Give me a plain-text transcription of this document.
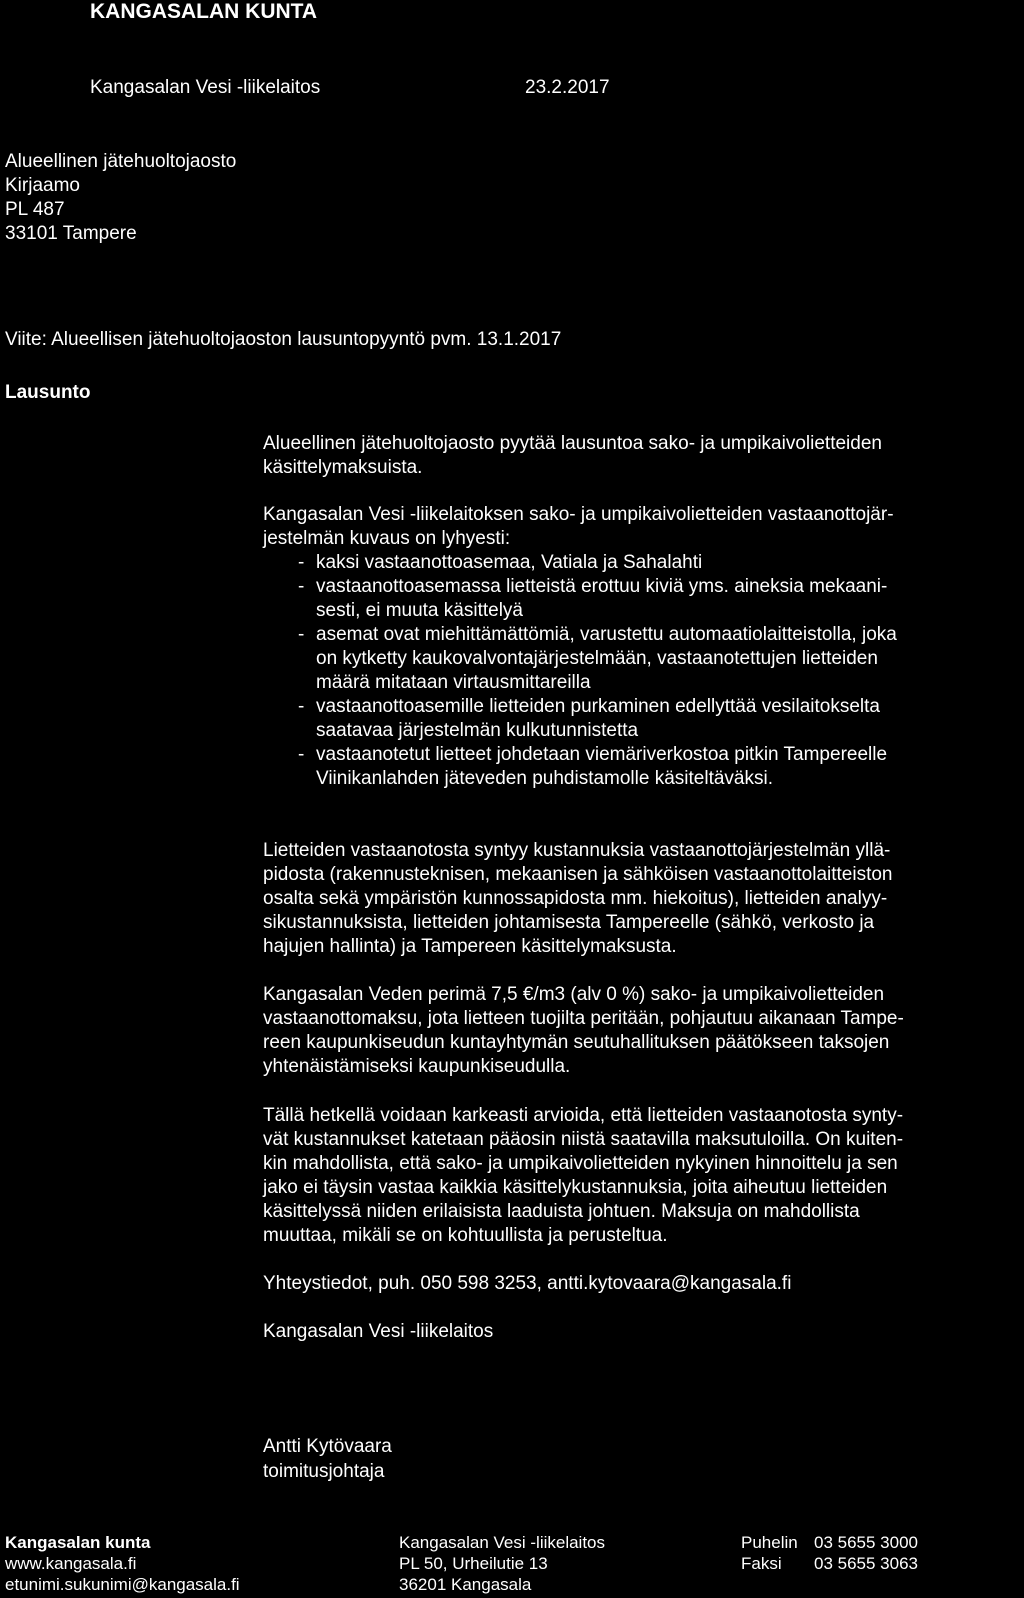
KANGASALAN KUNTA
Kangasalan Vesi -liikelaitos	23.2.2017
Alueellinen jätehuoltojaosto
Kirjaamo
PL 487
33101 Tampere
Viite: Alueellisen jätehuoltojaoston lausuntopyyntö pvm. 13.1.2017
Lausunto
Alueellinen jätehuoltojaosto pyytää lausuntoa sako- ja umpikaivolietteiden
käsittelymaksuista.
Kangasalan Vesi -liikelaitoksen sako- ja umpikaivolietteiden vastaanottojär-
jestelmän kuvaus on lyhyesti:
- kaksi vastaanottoasemaa, Vatiala ja Sahalahti
- vastaanottoasemassa lietteistä erottuu kiviä yms. aineksia mekaani-
sesti, ei muuta käsittelyä
- asemat ovat miehittämättömiä, varustettu automaatiolaitteistolla, joka
on kytketty kaukovalvontajärjestelmään, vastaanotettujen lietteiden
määrä mitataan virtausmittareilla
- vastaanottoasemille lietteiden purkaminen edellyttää vesilaitokselta
saatavaa järjestelmän kulkutunnistetta
- vastaanotetut lietteet johdetaan viemäriverkostoa pitkin Tampereelle
Viinikanlahden jäteveden puhdistamolle käsiteltäväksi.
Lietteiden vastaanotosta syntyy kustannuksia vastaanottojärjestelmän yllä-
pidosta (rakennusteknisen, mekaanisen ja sähköisen vastaanottolaitteiston
osalta sekä ympäristön kunnossapidosta mm. hiekoitus), lietteiden analyy-
sikustannuksista, lietteiden johtamisesta Tampereelle (sähkö, verkosto ja
hajujen hallinta) ja Tampereen käsittelymaksusta.
Kangasalan Veden perimä 7,5 €/m3 (alv 0 %) sako- ja umpikaivolietteiden
vastaanottomaksu, jota lietteen tuojilta peritään, pohjautuu aikanaan Tampe-
reen kaupunkiseudun kuntayhtymän seutuhallituksen päätökseen taksojen
yhtenäistämiseksi kaupunkiseudulla.
Tällä hetkellä voidaan karkeasti arvioida, että lietteiden vastaanotosta synty-
vät kustannukset katetaan pääosin niistä saatavilla maksutuloilla. On kuiten-
kin mahdollista, että sako- ja umpikaivolietteiden nykyinen hinnoittelu ja sen
jako ei täysin vastaa kaikkia käsittelykustannuksia, joita aiheutuu lietteiden
käsittelyssä niiden erilaisista laaduista johtuen. Maksuja on mahdollista
muuttaa, mikäli se on kohtuullista ja perusteltua.
Yhteystiedot, puh. 050 598 3253, antti.kytovaara@kangasala.fi
Kangasalan Vesi -liikelaitos
Antti Kytövaara
toimitusjohtaja
Kangasalan kunta
www.kangasala.fi
etunimi.sukunimi@kangasala.fi
Kangasalan Vesi -liikelaitos
PL 50, Urheilutie 13
36201 Kangasala
Puhelin 03 5655 3000
Faksi 03 5655 3063
